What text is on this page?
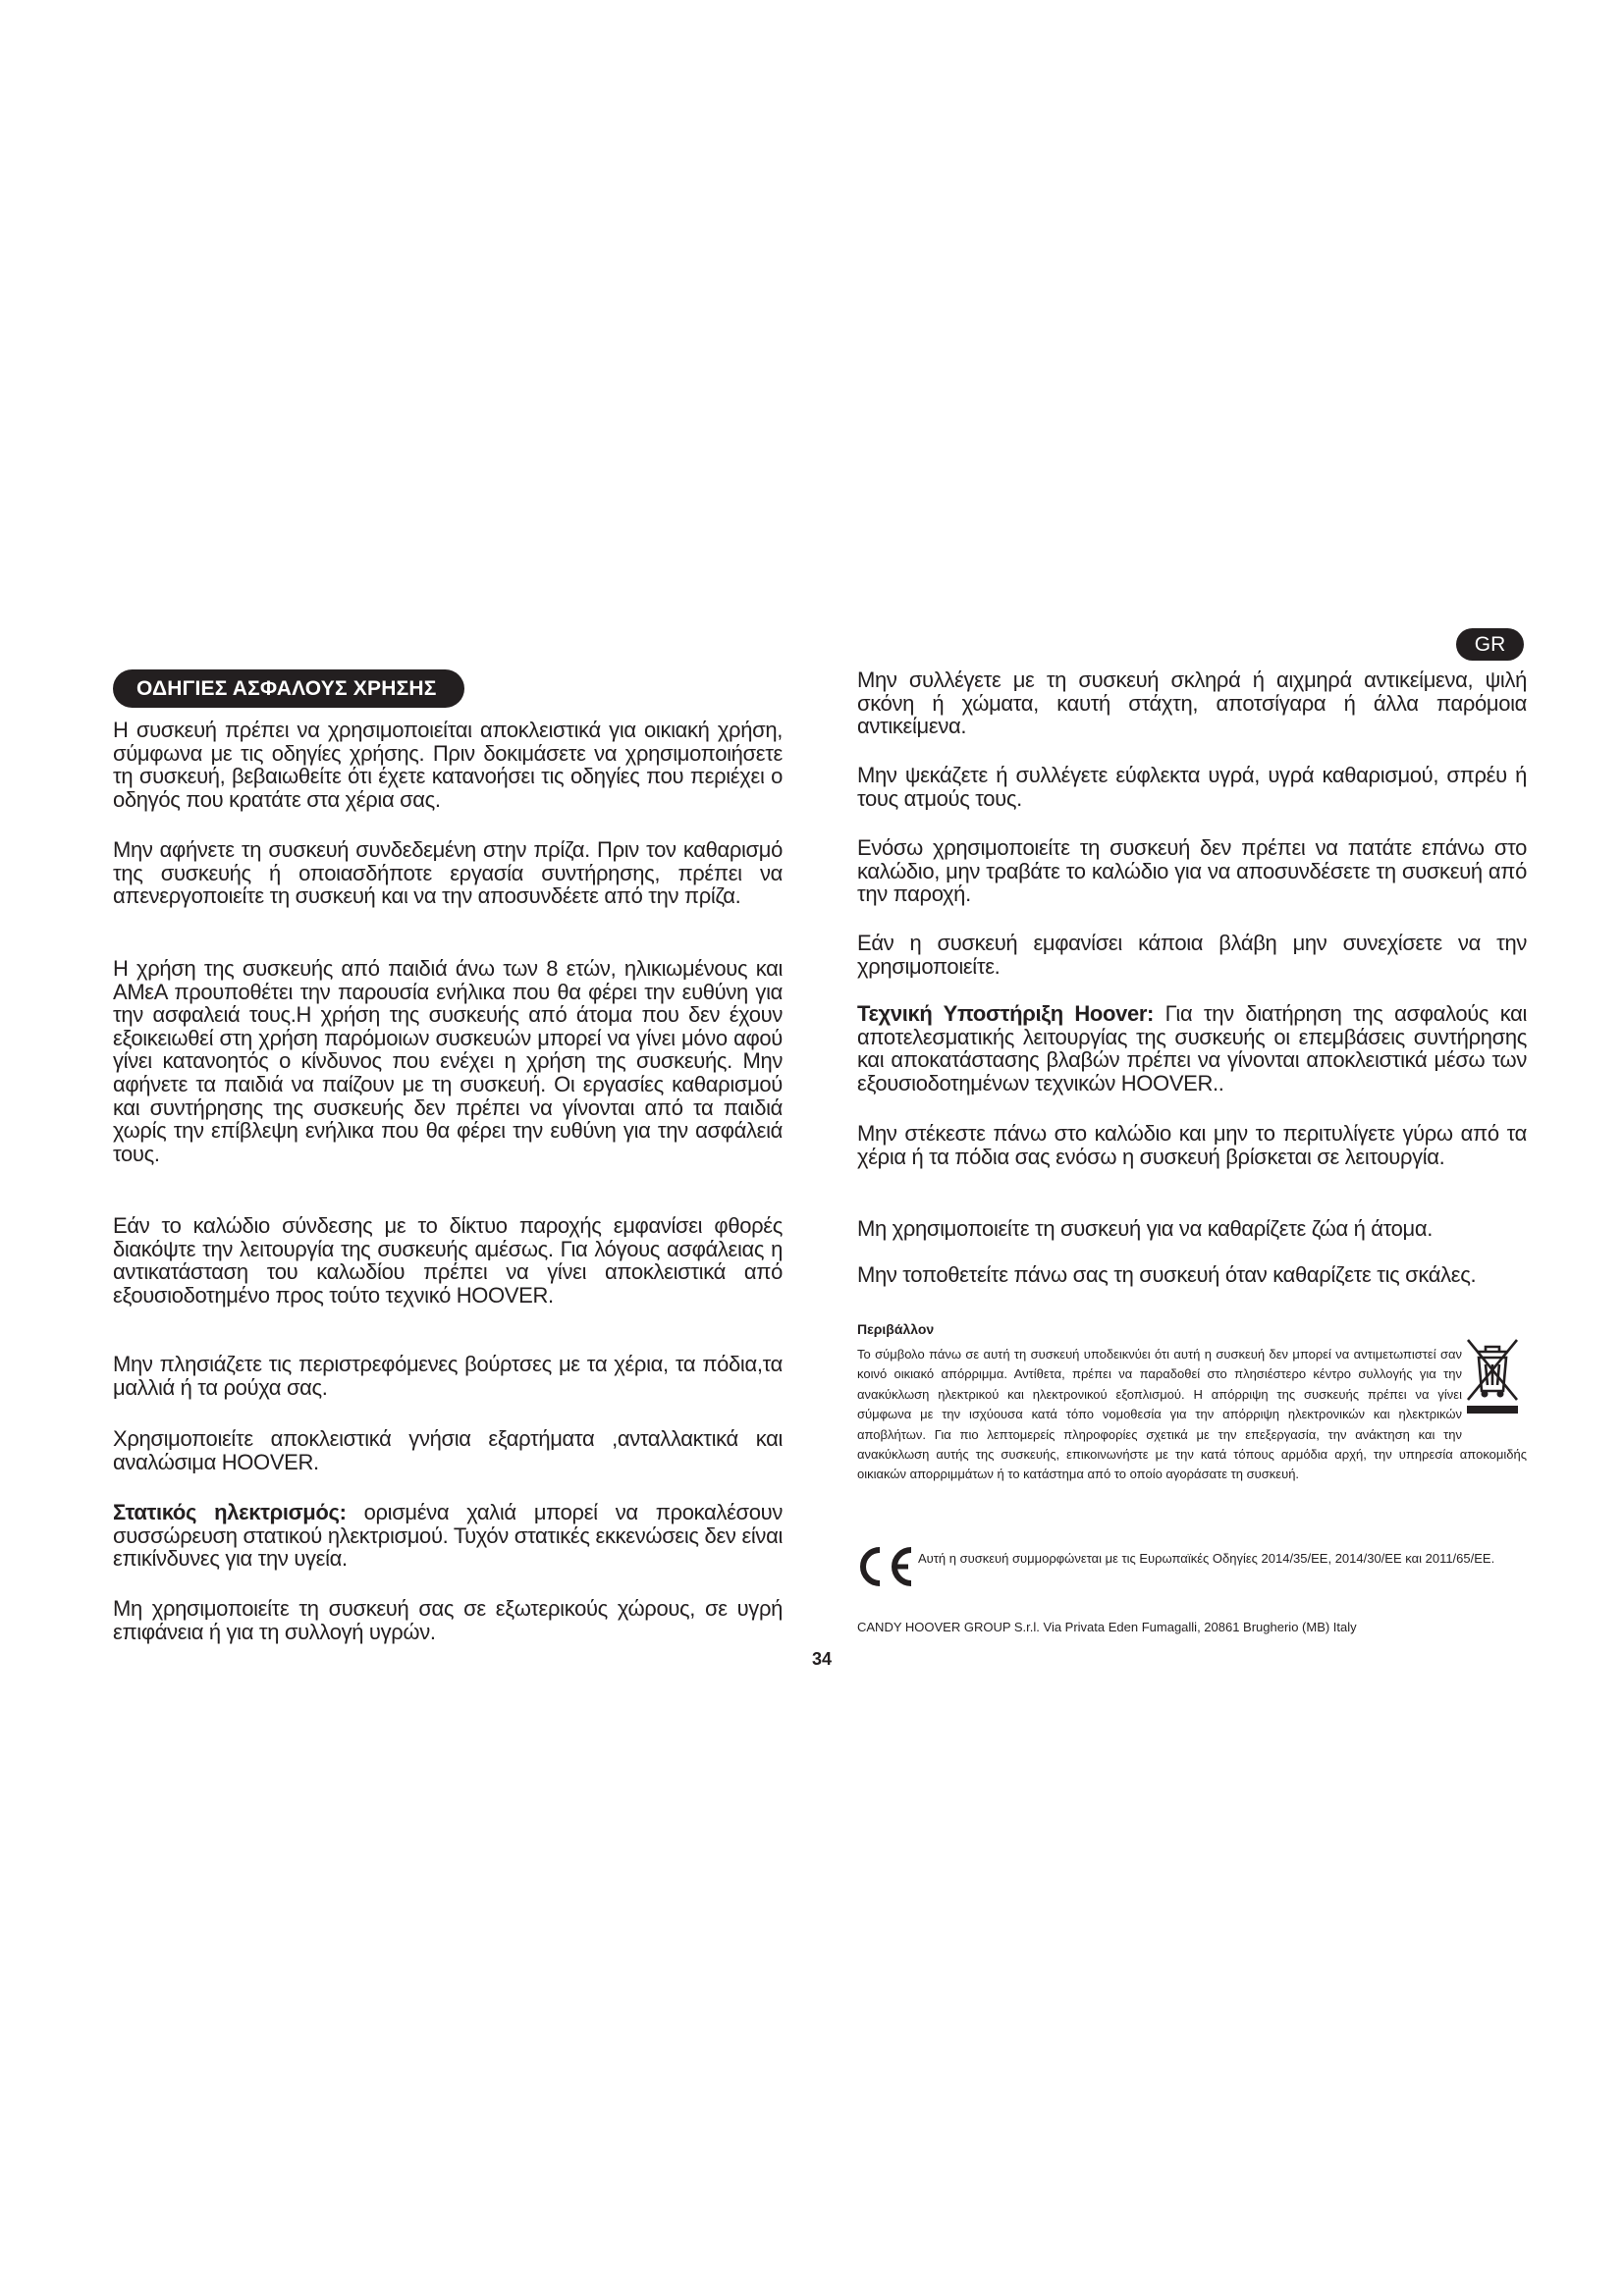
ΟΔΗΓΙΕΣ ΑΣΦΑΛΟΥΣ ΧΡΗΣΗΣ

Η συσκευή πρέπει να χρησιμοποιείται αποκλειστικά για οικιακή χρήση, σύμφωνα με τις οδηγίες χρήσης. Πριν δοκιμάσετε να χρησιμοποιήσετε τη συσκευή, βεβαιωθείτε ότι έχετε κατανοήσει τις οδηγίες που περιέχει ο οδηγός που κρατάτε στα χέρια σας.

Μην αφήνετε τη συσκευή συνδεδεμένη στην πρίζα. Πριν τον καθαρισμό της συσκευής ή οποιασδήποτε εργασία συντήρησης, πρέπει να απενεργοποιείτε τη συσκευή και να την αποσυνδέετε από την πρίζα.

Η χρήση της συσκευής από παιδιά άνω των 8 ετών, ηλικιωμένους και ΑΜεΑ προυποθέτει την παρουσία ενήλικα που θα φέρει την ευθύνη για την ασφαλειά τους.Η χρήση της συσκευής από άτομα που δεν έχουν εξοικειωθεί στη χρήση παρόμοιων συσκευών μπορεί να γίνει μόνο αφού γίνει κατανοητός ο κίνδυνος που ενέχει η χρήση της συσκευής. Μην αφήνετε τα παιδιά να παίζουν με τη συσκευή. Οι εργασίες καθαρισμού και συντήρησης της συσκευής δεν πρέπει να γίνονται από τα παιδιά χωρίς την επίβλεψη ενήλικα που θα φέρει την ευθύνη για την ασφάλειά τους.

Εάν το καλώδιο σύνδεσης με το δίκτυο παροχής εμφανίσει φθορές διακόψτε την λειτουργία της συσκευής αμέσως. Για λόγους ασφάλειας η αντικατάσταση του καλωδίου πρέπει να γίνει αποκλειστικά από εξουσιοδοτημένο προς τούτο τεχνικό HOOVER.

Μην πλησιάζετε τις περιστρεφόμενες βούρτσες με τα χέρια, τα πόδια,τα μαλλιά ή τα ρούχα σας.

Χρησιμοποιείτε αποκλειστικά γνήσια εξαρτήματα ,ανταλλακτικά και αναλώσιμα HOOVER.

Στατικός ηλεκτρισμός: ορισμένα χαλιά μπορεί να προκαλέσουν συσσώρευση στατικού ηλεκτρισμού. Τυχόν στατικές εκκενώσεις δεν είναι επικίνδυνες για την υγεία.

Μη χρησιμοποιείτε τη συσκευή σας σε εξωτερικούς χώρους, σε υγρή επιφάνεια ή για τη συλλογή υγρών.

GR

Μην συλλέγετε με τη συσκευή σκληρά ή αιχμηρά αντικείμενα, ψιλή σκόνη ή χώματα, καυτή στάχτη, αποτσίγαρα ή άλλα παρόμοια αντικείμενα.

Μην ψεκάζετε ή συλλέγετε εύφλεκτα υγρά, υγρά καθαρισμού, σπρέυ ή τους ατμούς τους.

Ενόσω χρησιμοποιείτε τη συσκευή δεν πρέπει να πατάτε επάνω στο καλώδιο, μην τραβάτε το καλώδιο για να αποσυνδέσετε τη συσκευή από την παροχή.

Εάν η συσκευή εμφανίσει κάποια βλάβη μην συνεχίσετε να την χρησιμοποιείτε.

Τεχνική Υποστήριξη Hoover: Για την διατήρηση της ασφαλούς και αποτελεσματικής λειτουργίας της συσκευής οι επεμβάσεις συντήρησης και αποκατάστασης βλαβών πρέπει να γίνονται αποκλειστικά μέσω των εξουσιοδοτημένων τεχνικών HOOVER..

Μην στέκεστε πάνω στο καλώδιο και μην το περιτυλίγετε γύρω από τα χέρια ή τα πόδια σας ενόσω η συσκευή βρίσκεται σε λειτουργία.

Μη χρησιμοποιείτε τη συσκευή για να καθαρίζετε ζώα ή άτομα.

Μην τοποθετείτε πάνω σας τη συσκευή όταν καθαρίζετε τις σκάλες.

Περιβάλλον

Το σύμβολο πάνω σε αυτή τη συσκευή υποδεικνύει ότι αυτή η συσκευή δεν μπορεί να αντιμετωπιστεί σαν κοινό οικιακό απόρριμμα. Αντίθετα, πρέπει να παραδοθεί στο πλησιέστερο κέντρο συλλογής για την ανακύκλωση ηλεκτρικού και ηλεκτρονικού εξοπλισμού. Η απόρριψη της συσκευής πρέπει να γίνει σύμφωνα με την ισχύουσα κατά τόπο νομοθεσία για την απόρριψη ηλεκτρονικών και ηλεκτρικών αποβλήτων. Για πιο λεπτομερείς πληροφορίες σχετικά με την επεξεργασία, την ανάκτηση και την ανακύκλωση αυτής της συσκευής, επικοινωνήστε με την κατά τόπους αρμόδια αρχή, την υπηρεσία αποκομιδής οικιακών απορριμμάτων ή το κατάστημα από το οποίο αγοράσατε τη συσκευή.

Αυτή η συσκευή συμμορφώνεται με τις Ευρωπαϊκές Οδηγίες 2014/35/ΕΕ, 2014/30/ΕΕ και 2011/65/ΕΕ.

CANDY HOOVER GROUP S.r.l. Via Privata Eden Fumagalli, 20861 Brugherio (MB) Italy

34
